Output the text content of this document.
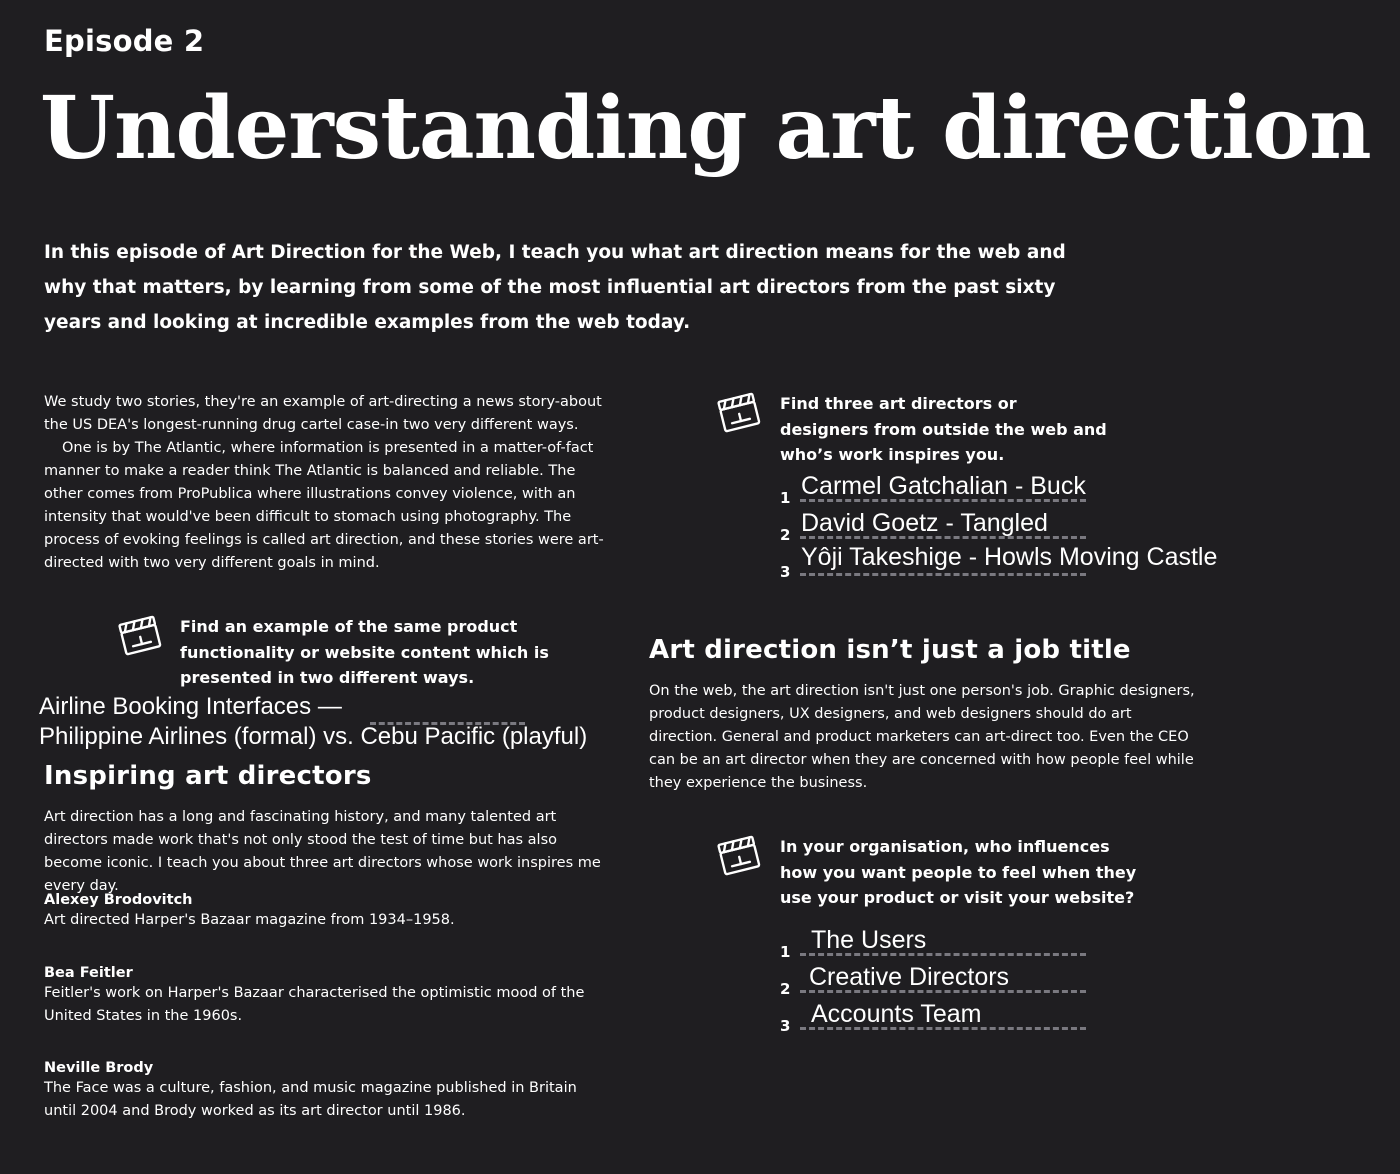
Episode 2
Understanding art direction

In this episode of Art Direction for the Web, I teach you what art direction means for the web and why that matters, by learning from some of the most influential art directors from the past sixty years and looking at incredible examples from the web today.

We study two stories, they're an example of art-directing a news story-about the US DEA's longest-running drug cartel case-in two very different ways.

One is by The Atlantic, where information is presented in a matter-of-fact manner to make a reader think The Atlantic is balanced and reliable. The other comes from ProPublica where illustrations convey violence, with an intensity that would've been difficult to stomach using photography. The process of evoking feelings is called art direction, and these stories were art-directed with two very different goals in mind.

Find an example of the same product functionality or website content which is presented in two different ways.

Airline Booking Interfaces —
Philippine Airlines (formal) vs. Cebu Pacific (playful)
Inspiring art directors

Art direction has a long and fascinating history, and many talented art directors made work that's not only stood the test of time but has also become iconic. I teach you about three art directors whose work inspires me every day.

Alexey Brodovitch

Art directed Harper's Bazaar magazine from 1934–1958.

Bea Feitler

Feitler's work on Harper's Bazaar characterised the optimistic mood of the United States in the 1960s.

Neville Brody

The Face was a culture, fashion, and music magazine published in Britain until 2004 and Brody worked as its art director until 1986.

Find three art directors or designers from outside the web and who’s work inspires you.

1 Carmel Gatchalian - Buck
2 David Goetz - Tangled
3
Yôji Takeshige - Howls Moving Castle
Art direction isn’t just a job title

On the web, the art direction isn't just one person's job. Graphic designers, product designers, UX designers, and web designers should do art direction. General and product marketers can art-direct too. Even the CEO can be an art director when they are concerned with how people feel while they experience the business.

In your organisation, who influences how you want people to feel when they use your product or visit your website?

1 The Users
2 Creative Directors
3 Accounts Team
